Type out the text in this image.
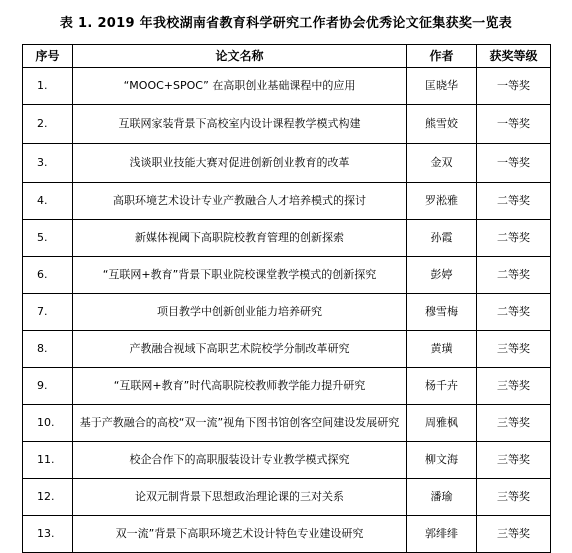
表 1. 2019 年我校湖南省教育科学研究工作者协会优秀论文征集获奖一览表
序号	论文名称	作者	获奖等级
1.	“MOOC+SPOC” 在高职创业基础课程中的应用	匡晓华	一等奖
2.	互联网家装背景下高校室内设计课程教学模式构建	熊雪姣	一等奖
3.	浅谈职业技能大赛对促进创新创业教育的改革	金双	一等奖
4.	高职环境艺术设计专业产教融合人才培养模式的探讨	罗淞雅	二等奖
5.	新媒体视阈下高职院校教育管理的创新探索	孙霞	二等奖
6.	“互联网+教育”背景下职业院校课堂教学模式的创新探究	彭婷	二等奖
7.	项目教学中创新创业能力培养研究	穆雪梅	二等奖
8.	产教融合视域下高职艺术院校学分制改革研究	黄璜	三等奖
9.	“互联网+教育”时代高职院校教师教学能力提升研究	杨千卉	三等奖
10.	基于产教融合的高校“双一流”视角下图书馆创客空间建设发展研究	周雅枫	三等奖
11.	校企合作下的高职服装设计专业教学模式探究	柳文海	三等奖
12.	论双元制背景下思想政治理论课的三对关系	潘瑜	三等奖
13.	双一流”背景下高职环境艺术设计特色专业建设研究	郭绯绯	三等奖
